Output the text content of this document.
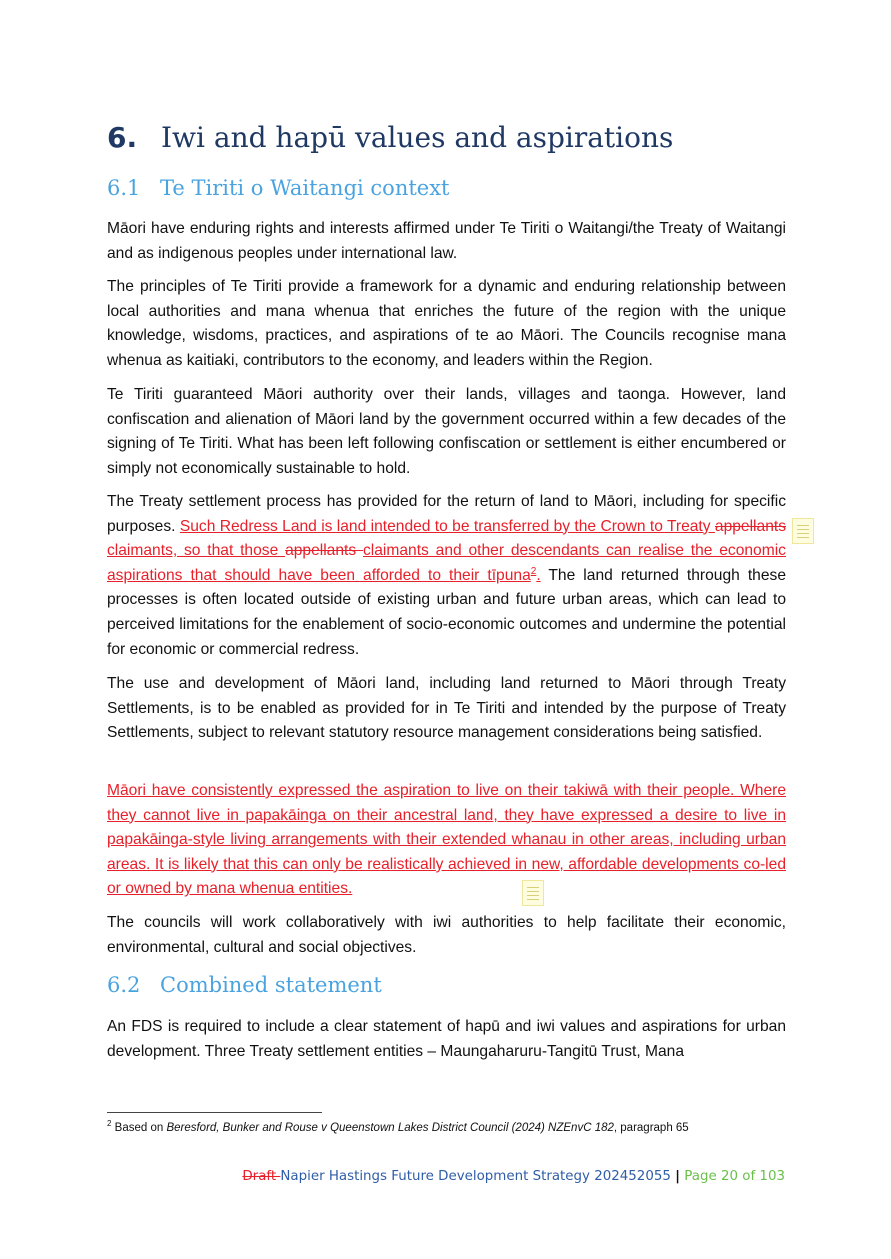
6. Iwi and hapū values and aspirations
6.1 Te Tiriti o Waitangi context

Māori have enduring rights and interests affirmed under Te Tiriti o Waitangi/the Treaty of Waitangi and as indigenous peoples under international law.

The principles of Te Tiriti provide a framework for a dynamic and enduring relationship between local authorities and mana whenua that enriches the future of the region with the unique knowledge, wisdoms, practices, and aspirations of te ao Māori. The Councils recognise mana whenua as kaitiaki, contributors to the economy, and leaders within the Region.

Te Tiriti guaranteed Māori authority over their lands, villages and taonga. However, land confiscation and alienation of Māori land by the government occurred within a few decades of the signing of Te Tiriti. What has been left following confiscation or settlement is either encumbered or simply not economically sustainable to hold.

The Treaty settlement process has provided for the return of land to Māori, including for specific purposes. Such Redress Land is land intended to be transferred by the Crown to Treaty appellants claimants, so that those appellants claimants and other descendants can realise the economic aspirations that should have been afforded to their tīpuna$^2$. The land returned through these processes is often located outside of existing urban and future urban areas, which can lead to perceived limitations for the enablement of socio-economic outcomes and undermine the potential for economic or commercial redress.

The use and development of Māori land, including land returned to Māori through Treaty Settlements, is to be enabled as provided for in Te Tiriti and intended by the purpose of Treaty Settlements, subject to relevant statutory resource management considerations being satisfied.

Māori have consistently expressed the aspiration to live on their takiwā with their people. Where they cannot live in papakāinga on their ancestral land, they have expressed a desire to live in papakāinga-style living arrangements with their extended whanau in other areas, including urban areas. It is likely that this can only be realistically achieved in new, affordable developments co-led or owned by mana whenua entities.

The councils will work collaboratively with iwi authorities to help facilitate their economic, environmental, cultural and social objectives.

6.2 Combined statement

An FDS is required to include a clear statement of hapū and iwi values and aspirations for urban development. Three Treaty settlement entities – Maungaharuru-Tangitū Trust, Mana

$^2$ Based on Beresford, Bunker and Rouse v Queenstown Lakes District Council (2024) NZEnvC 182, paragraph 65

Draft Napier Hastings Future Development Strategy 202452055 | Page 20 of 103
